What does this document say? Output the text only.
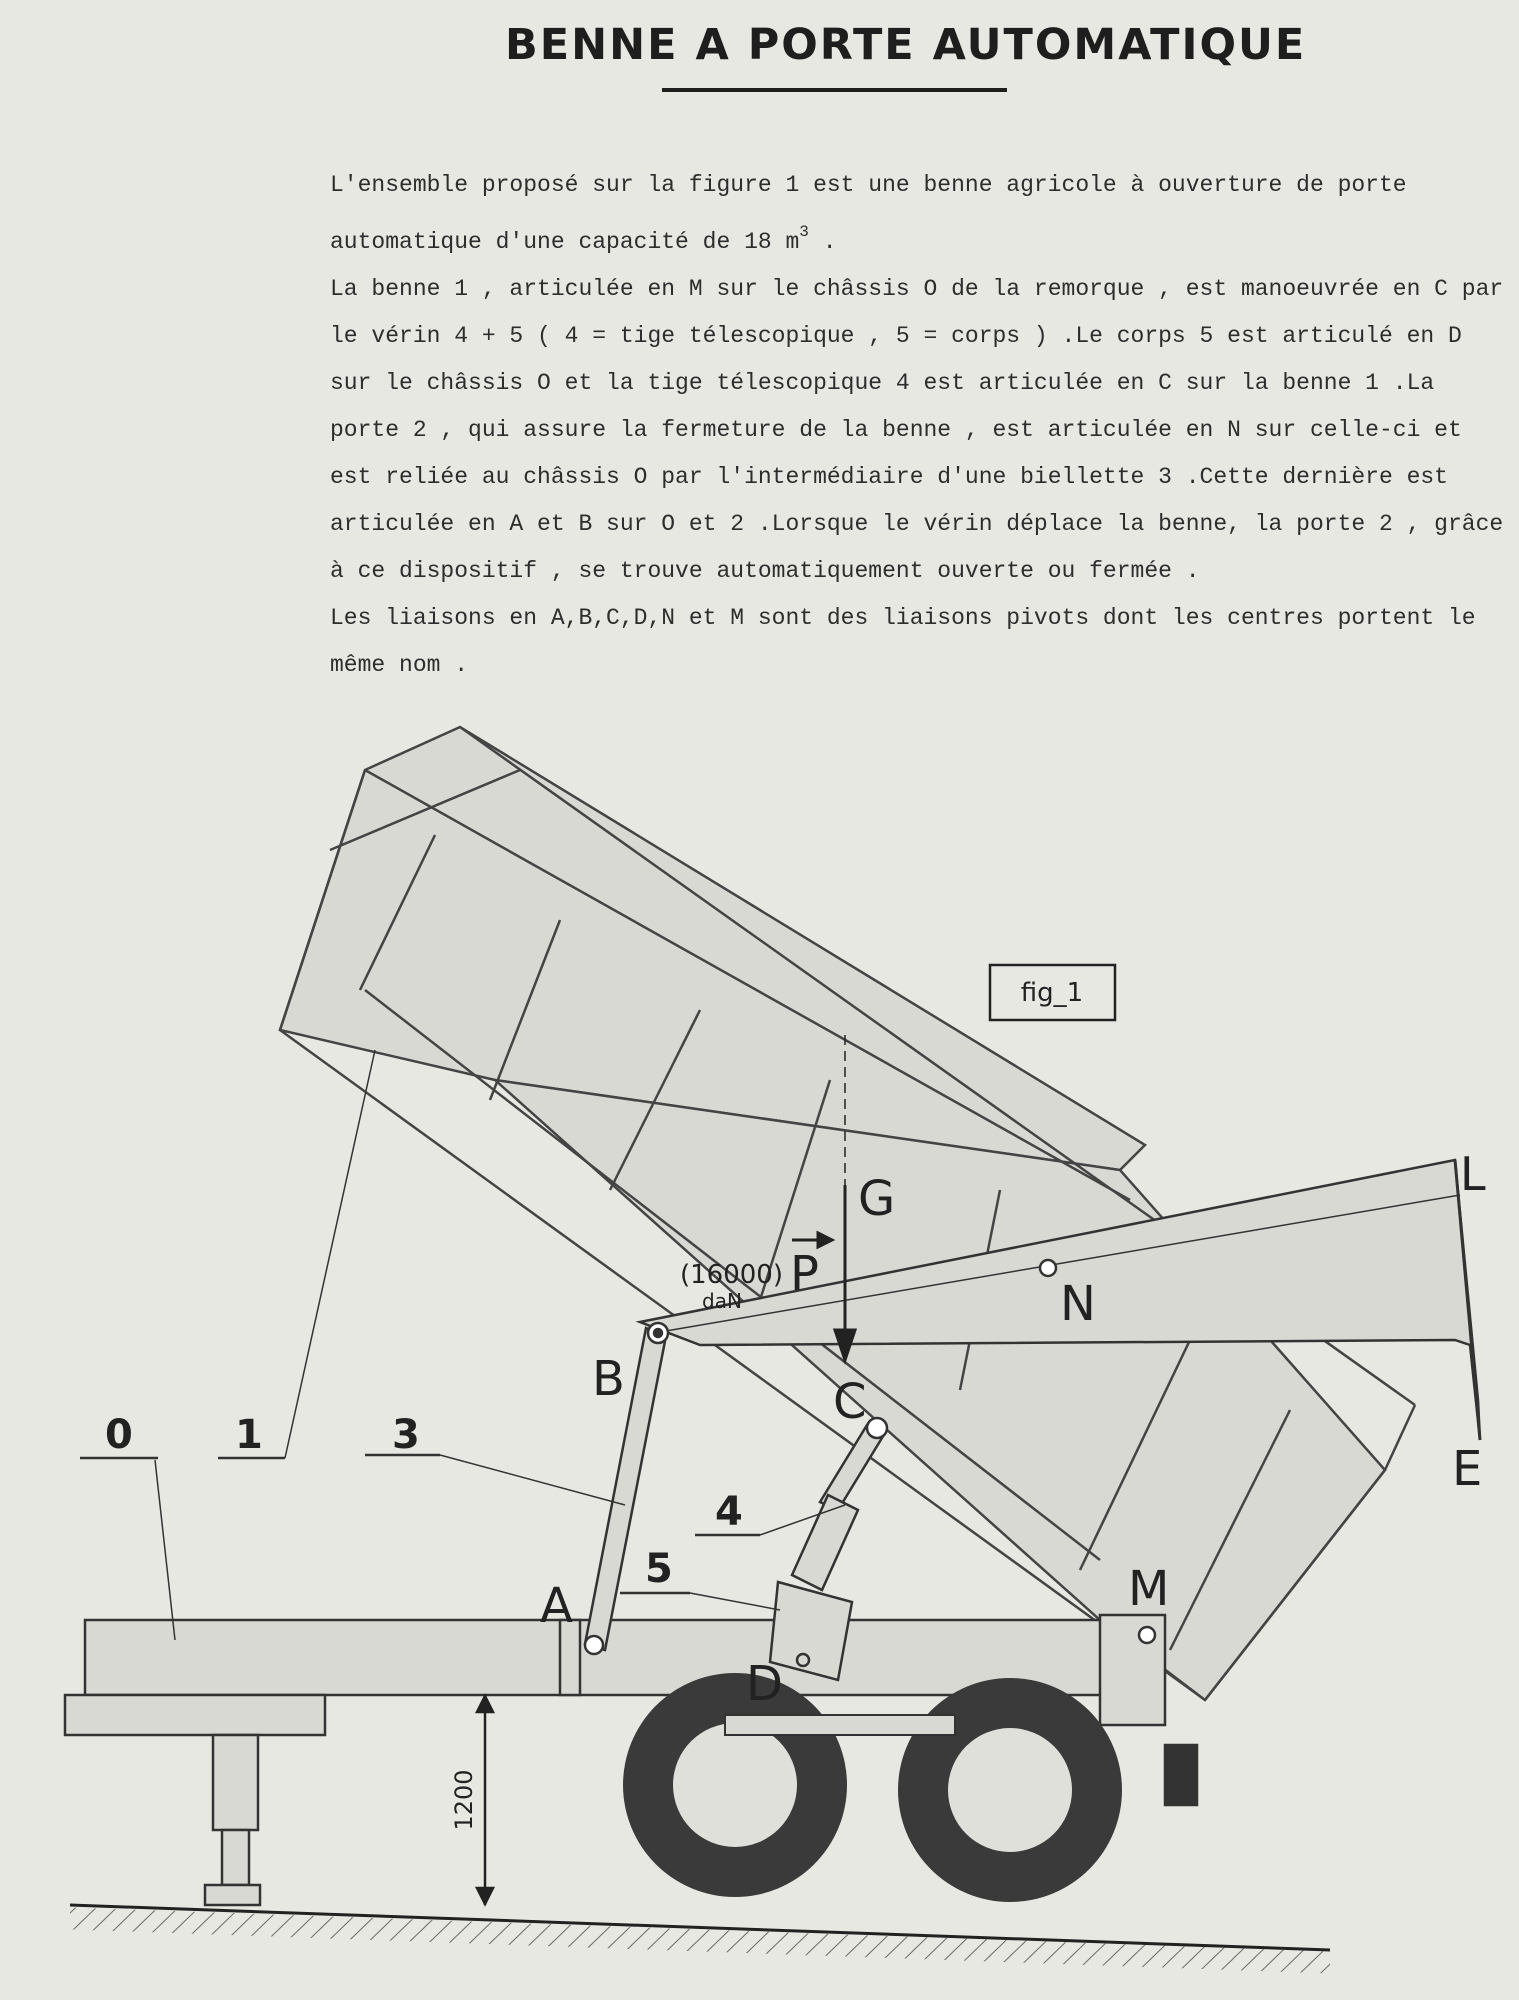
BENNE A PORTE AUTOMATIQUE

L'ensemble proposé sur la figure 1 est une benne agricole à ouverture de porte automatique d'une capacité de 18 $m^3$ .

La benne 1 , articulée en M sur le châssis O de la remorque , est manoeuvrée en C par le vérin 4 + 5 ( 4 = tige télescopique , 5 = corps ) .Le corps 5 est articulé en D sur le châssis O et la tige télescopique 4 est articulée en C sur la benne 1 .La porte 2 , qui assure la fermeture de la benne , est articulée en N sur celle-ci et est reliée au châssis O par l'intermédiaire d'une biellette 3 .Cette dernière est articulée en A et B sur O et 2 .Lorsque le vérin déplace la benne, la porte 2 , grâce à ce dispositif , se trouve automatiquement ouverte ou fermée .

Les liaisons en A,B,C,D,N et M sont des liaisons pivots dont les centres portent le même nom .

fig_1
G
N
L
B	C
E
A	M
D
0	1	3
4
5
(16000)
daN P
1200
